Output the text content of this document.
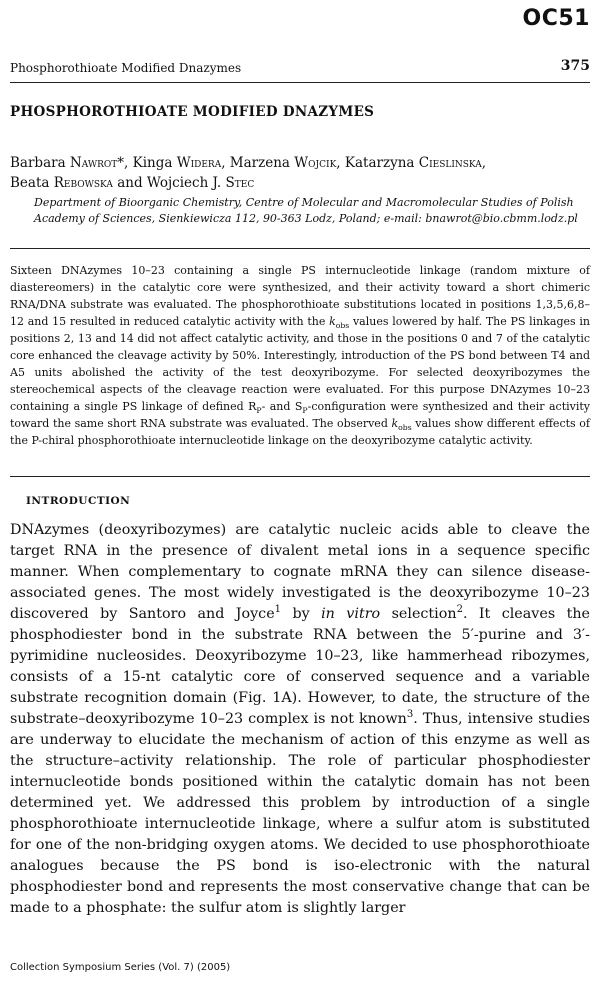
OC51
Phosphorothioate Modified Dnazymes	375
PHOSPHOROTHIOATE MODIFIED DNAZYMES
Barbara Nawrot*, Kinga Widera, Marzena Wojcik, Katarzyna Cieslinska,
Beata Rebowska and Wojciech J. Stec
Department of Bioorganic Chemistry, Centre of Molecular and Macromolecular Studies of Polish Academy of Sciences, Sienkiewicza 112, 90-363 Lodz, Poland; e-mail: bnawrot@bio.cbmm.lodz.pl
Sixteen DNAzymes 10–23 containing a single PS internucleotide linkage (random mixture of diastereomers) in the catalytic core were synthesized, and their activity toward a short chimeric RNA/DNA substrate was evaluated. The phosphorothioate substitutions located in positions 1,3,5,6,8–12 and 15 resulted in reduced catalytic activity with the $k_{obs}$ values lowered by half. The PS linkages in positions 2, 13 and 14 did not affect catalytic activity, and those in the positions 0 and 7 of the catalytic core enhanced the cleavage activity by 50%. Interestingly, introduction of the PS bond between T4 and A5 units abolished the activity of the test deoxyribozyme. For selected deoxyribozymes the stereochemical aspects of the cleavage reaction were evaluated. For this purpose DNAzymes 10–23 containing a single PS linkage of defined $R_P-$ and $S_P$-configuration were synthesized and their activity toward the same short RNA substrate was evaluated. The observed $k_{obs}$ values show different effects of the P-chiral phosphorothioate internucleotide linkage on the deoxyribozyme catalytic activity.
INTRODUCTION
DNAzymes (deoxyribozymes) are catalytic nucleic acids able to cleave the target RNA in the presence of divalent metal ions in a sequence specific manner. When complementary to cognate mRNA they can silence disease-associated genes. The most widely investigated is the deoxyribozyme 10–23 discovered by Santoro and Joyce$^1$ by in vitro selection$^2$. It cleaves the phosphodiester bond in the substrate RNA between the 5′-purine and 3′-pyrimidine nucleosides. Deoxyribozyme 10–23, like hammerhead ribozymes, consists of a 15-nt catalytic core of conserved sequence and a variable substrate recognition domain (Fig. 1A). However, to date, the structure of the substrate–deoxyribozyme 10–23 complex is not known$^3$. Thus, intensive studies are underway to elucidate the mechanism of action of this enzyme as well as the structure–activity relationship. The role of particular phosphodiester internucleotide bonds positioned within the catalytic domain has not been determined yet. We addressed this problem by introduction of a single phosphorothioate internucleotide linkage, where a sulfur atom is substituted for one of the non-bridging oxygen atoms. We decided to use phosphorothioate analogues because the PS bond is iso-electronic with the natural phosphodiester bond and represents the most conservative change that can be made to a phosphate: the sulfur atom is slightly larger
Collection Symposium Series (Vol. 7) (2005)
